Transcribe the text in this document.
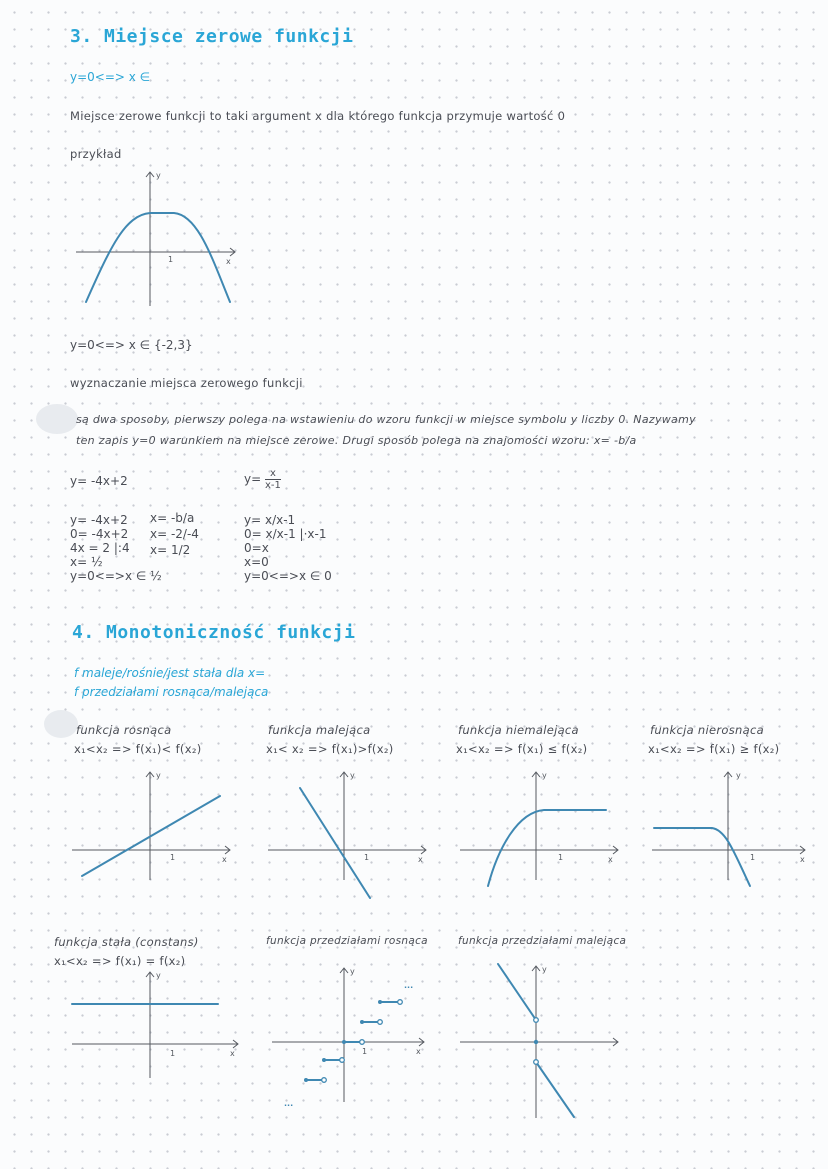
3. Miejsce zerowe funkcji
y=0<=> x ∈
Miejsce zerowe funkcji to taki argument x dla którego funkcja przymuje wartość 0
przykład
y
x
1
y=0<=> x ∈ {-2,3}
wyznaczanie miejsca zerowego funkcji
są dwa sposoby, pierwszy polega na wstawieniu do wzoru funkcji w miejsce symbolu y liczby 0. Nazywamy
ten zapis y=0 warunkiem na miejsce zerowe. Drugi sposób polega na znajomości wzoru: x= -b/a
y= -4x+2	$y= \frac{x}{x-1}$
y= -4x+2
0= -4x+2
4x = 2 |:4
x= ½
y=0<=>x ∈ ½
x= -b/a
x= -2/-4
x= 1/2
y= x/x-1
0= x/x-1 |·x-1
0=x
x=0
y=0<=>x ∈ 0
4. Monotoniczność funkcji
f maleje/rośnie/jest stała dla x=
f przedziałami rosnąca/malejąca
funkcja rosnąca
x₁<x₂ => f(x₁)< f(x₂)
funkcja malejąca
x₁< x₂ => f(x₁)>f(x₂)
funkcja niemalejąca
x₁<x₂ => f(x₁) ≤ f(x₂)
funkcja nierosnąca
x₁<x₂ => f(x₁) ≥ f(x₂)
y
x
1
y
x
1
y
x
1
y
x
1
funkcja stała (constans)
x₁<x₂ => f(x₁) = f(x₂)
funkcja przedziałami rosnąca	funkcja przedziałami malejąca
y
x
1
y
x
1
...
...
y
